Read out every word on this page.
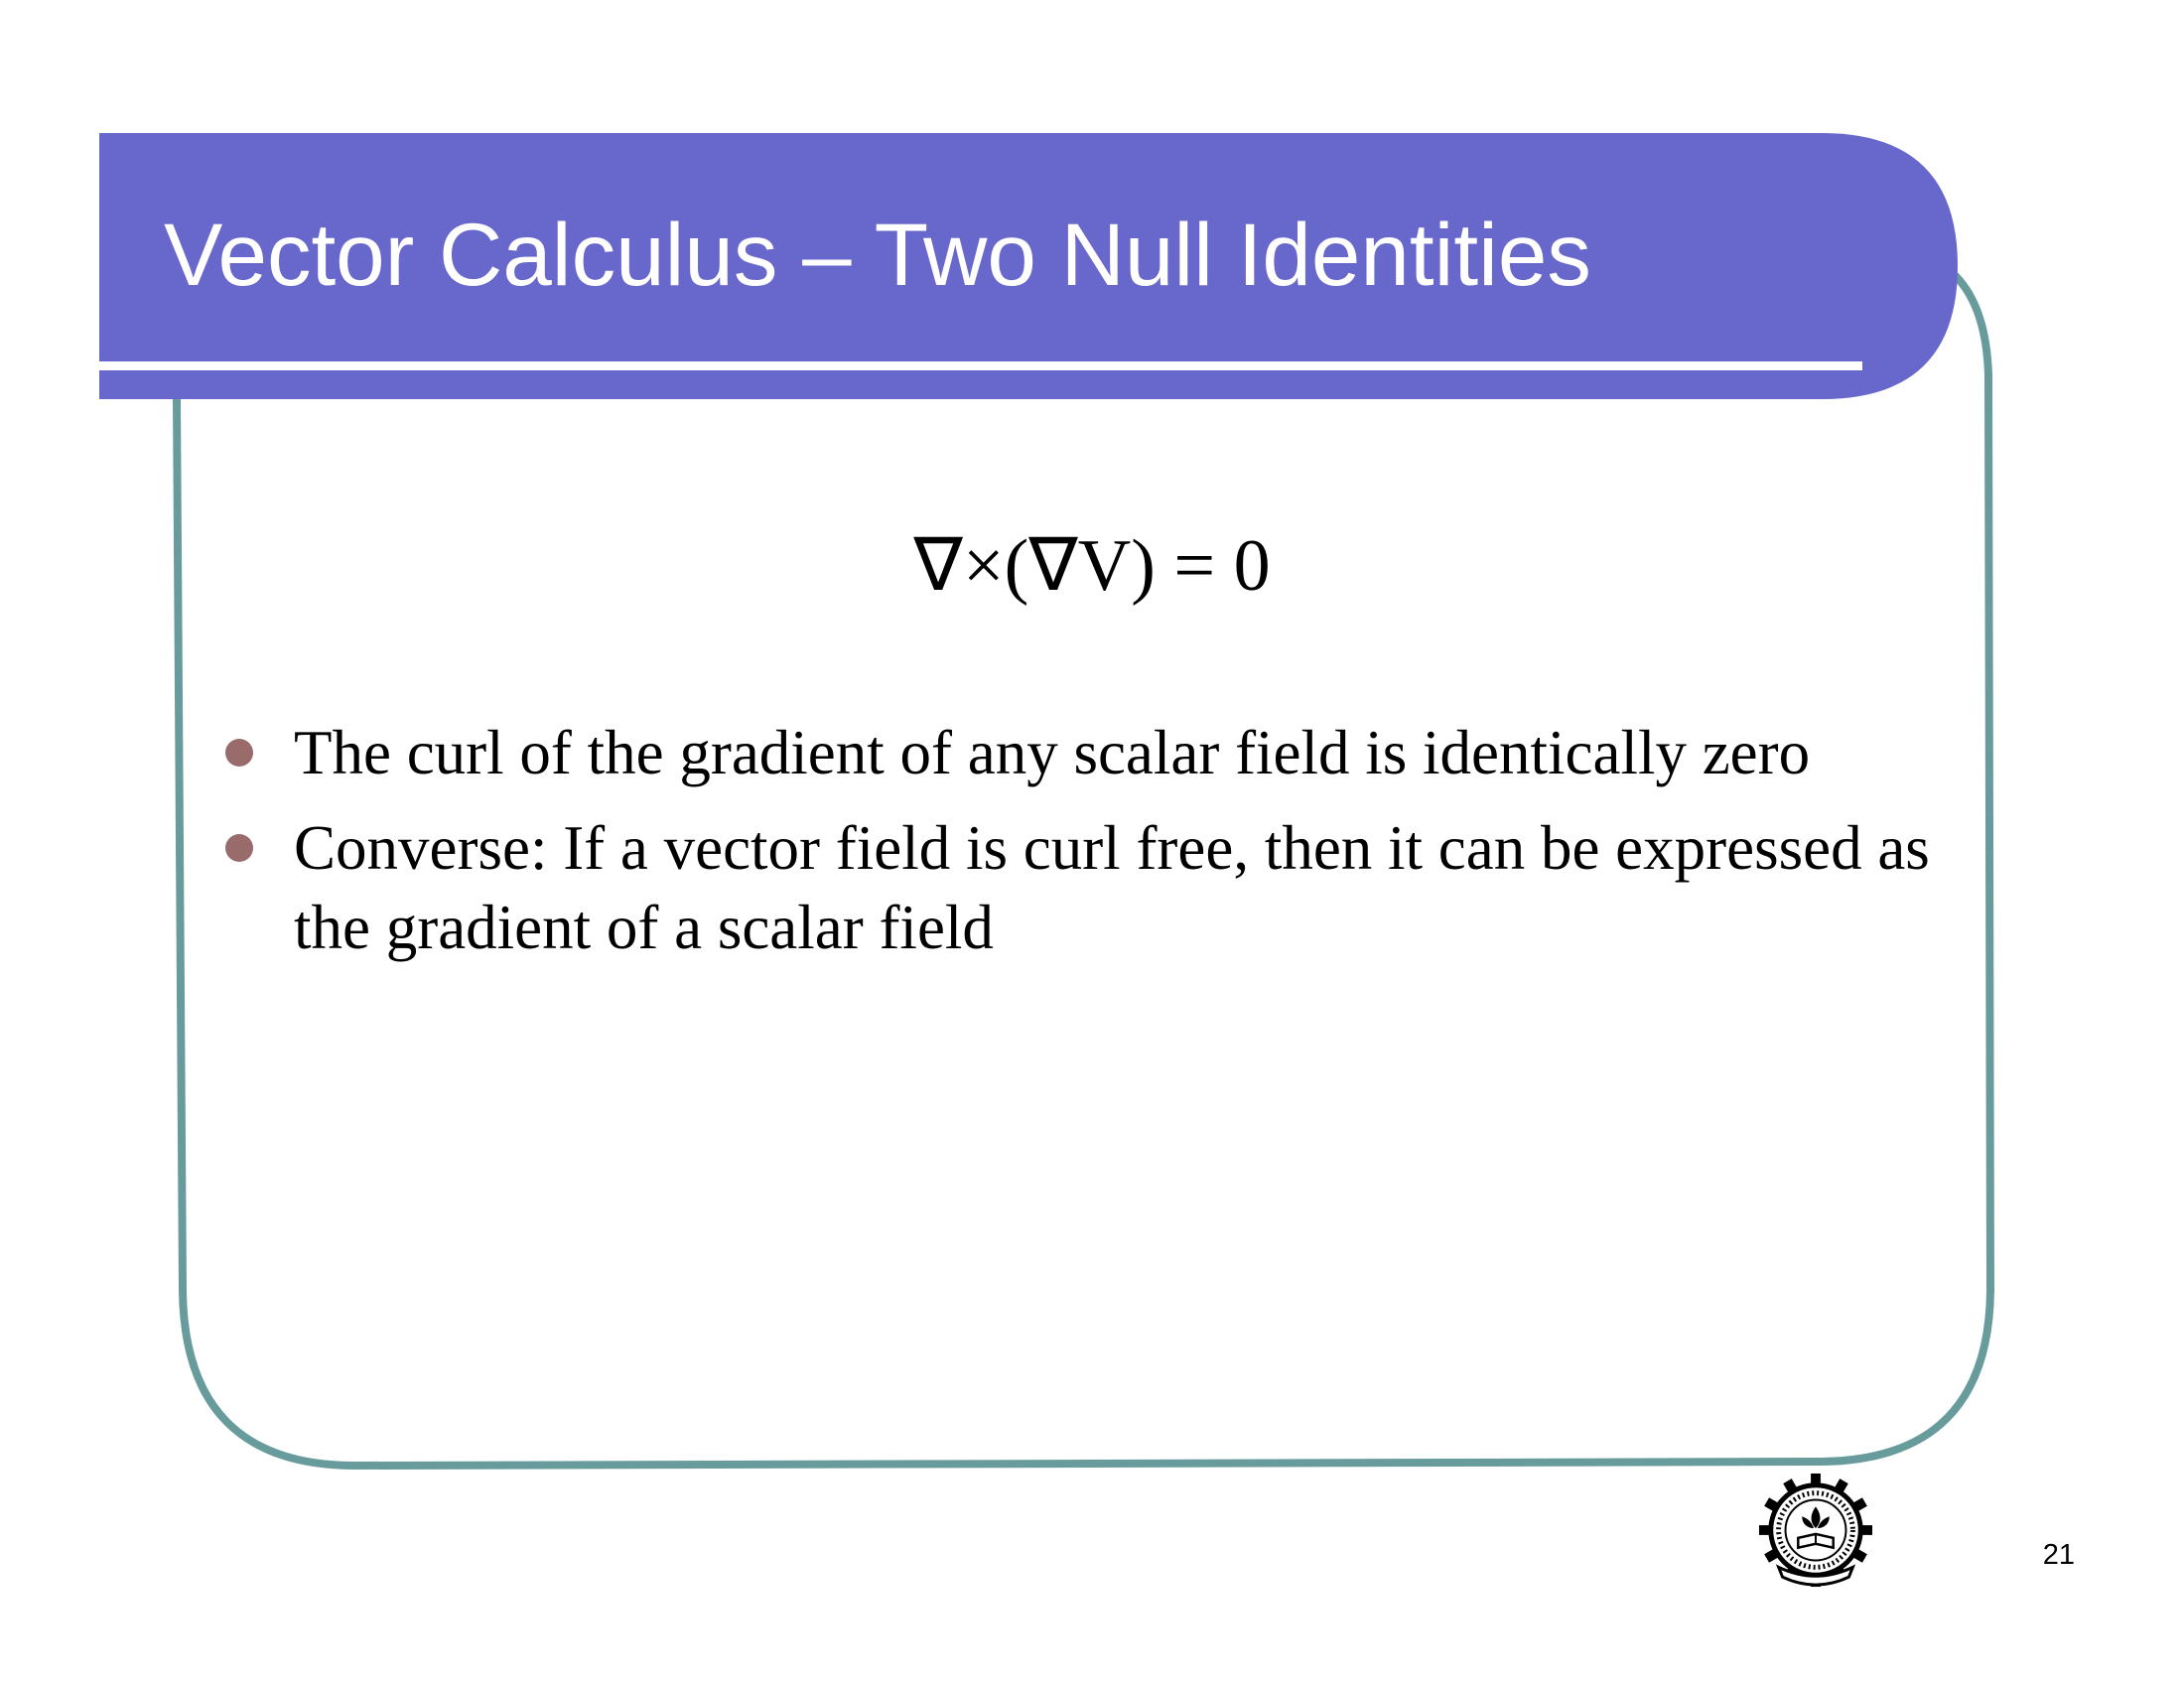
Vector Calculus – Two Null Identities
∇×(∇V) = 0
The curl of the gradient of any scalar field is identically zero
Converse: If a vector field is curl free, then it can be expressed as the gradient of a scalar field
21
